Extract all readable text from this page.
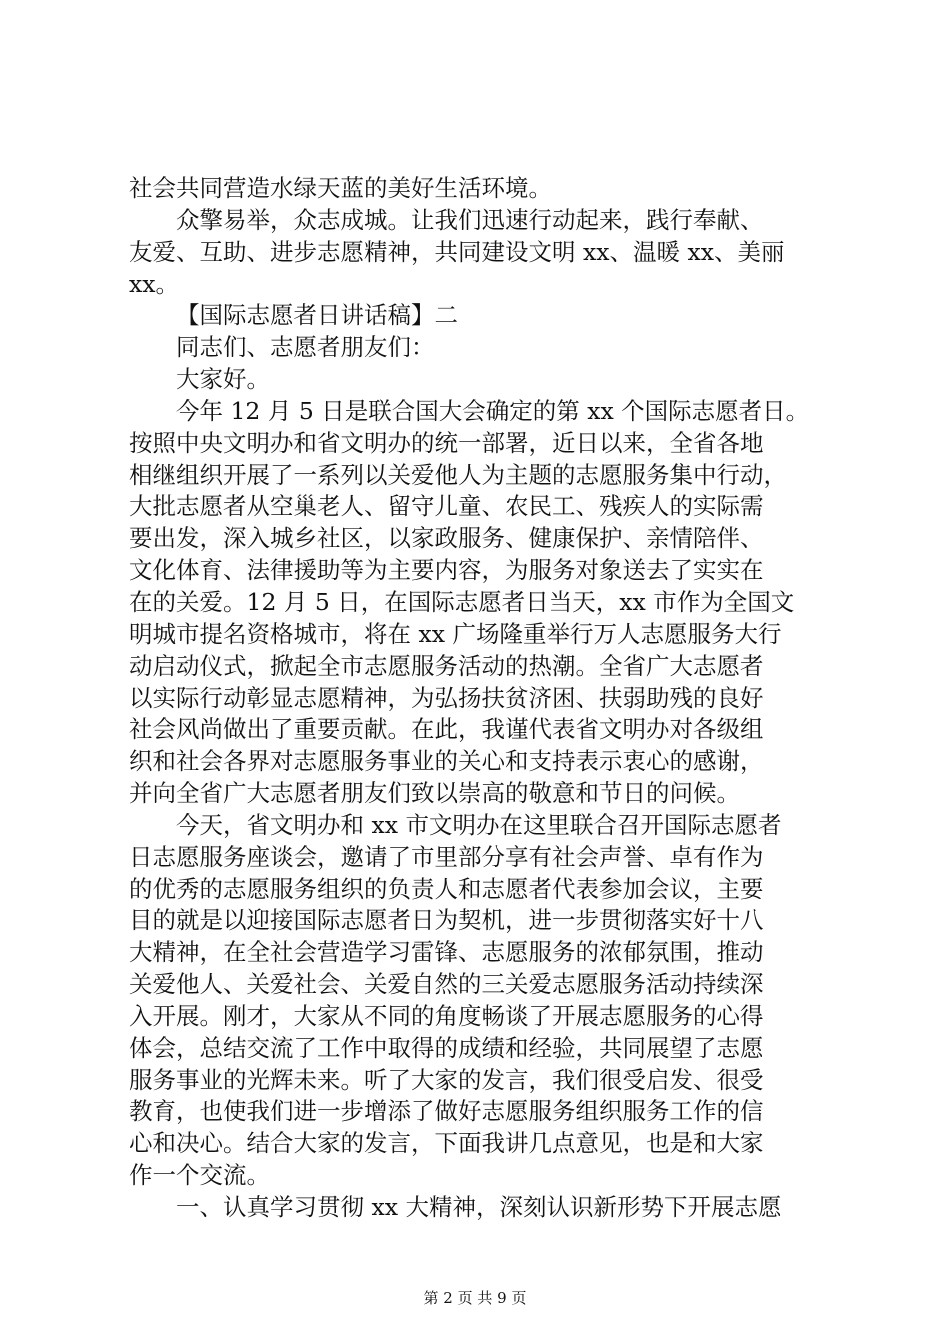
社会共同营造水绿天蓝的美好生活环境。
众擎易举，众志成城。让我们迅速行动起来，践行奉献、
友爱、互助、进步志愿精神，共同建设文明 xx、温暖 xx、美丽
xx。
【国际志愿者日讲话稿】二
同志们、志愿者朋友们：
大家好。
今年 12 月 5 日是联合国大会确定的第 xx 个国际志愿者日。
按照中央文明办和省文明办的统一部署，近日以来，全省各地
相继组织开展了一系列以关爱他人为主题的志愿服务集中行动，
大批志愿者从空巢老人、留守儿童、农民工、残疾人的实际需
要出发，深入城乡社区，以家政服务、健康保护、亲情陪伴、
文化体育、法律援助等为主要内容，为服务对象送去了实实在
在的关爱。12 月 5 日，在国际志愿者日当天，xx 市作为全国文
明城市提名资格城市，将在 xx 广场隆重举行万人志愿服务大行
动启动仪式，掀起全市志愿服务活动的热潮。全省广大志愿者
以实际行动彰显志愿精神，为弘扬扶贫济困、扶弱助残的良好
社会风尚做出了重要贡献。在此，我谨代表省文明办对各级组
织和社会各界对志愿服务事业的关心和支持表示衷心的感谢，
并向全省广大志愿者朋友们致以崇高的敬意和节日的问候。
今天，省文明办和 xx 市文明办在这里联合召开国际志愿者
日志愿服务座谈会，邀请了市里部分享有社会声誉、卓有作为
的优秀的志愿服务组织的负责人和志愿者代表参加会议，主要
目的就是以迎接国际志愿者日为契机，进一步贯彻落实好十八
大精神，在全社会营造学习雷锋、志愿服务的浓郁氛围，推动
关爱他人、关爱社会、关爱自然的三关爱志愿服务活动持续深
入开展。刚才，大家从不同的角度畅谈了开展志愿服务的心得
体会，总结交流了工作中取得的成绩和经验，共同展望了志愿
服务事业的光辉未来。听了大家的发言，我们很受启发、很受
教育，也使我们进一步增添了做好志愿服务组织服务工作的信
心和决心。结合大家的发言，下面我讲几点意见，也是和大家
作一个交流。
一、认真学习贯彻 xx 大精神，深刻认识新形势下开展志愿
第 2 页 共 9 页
